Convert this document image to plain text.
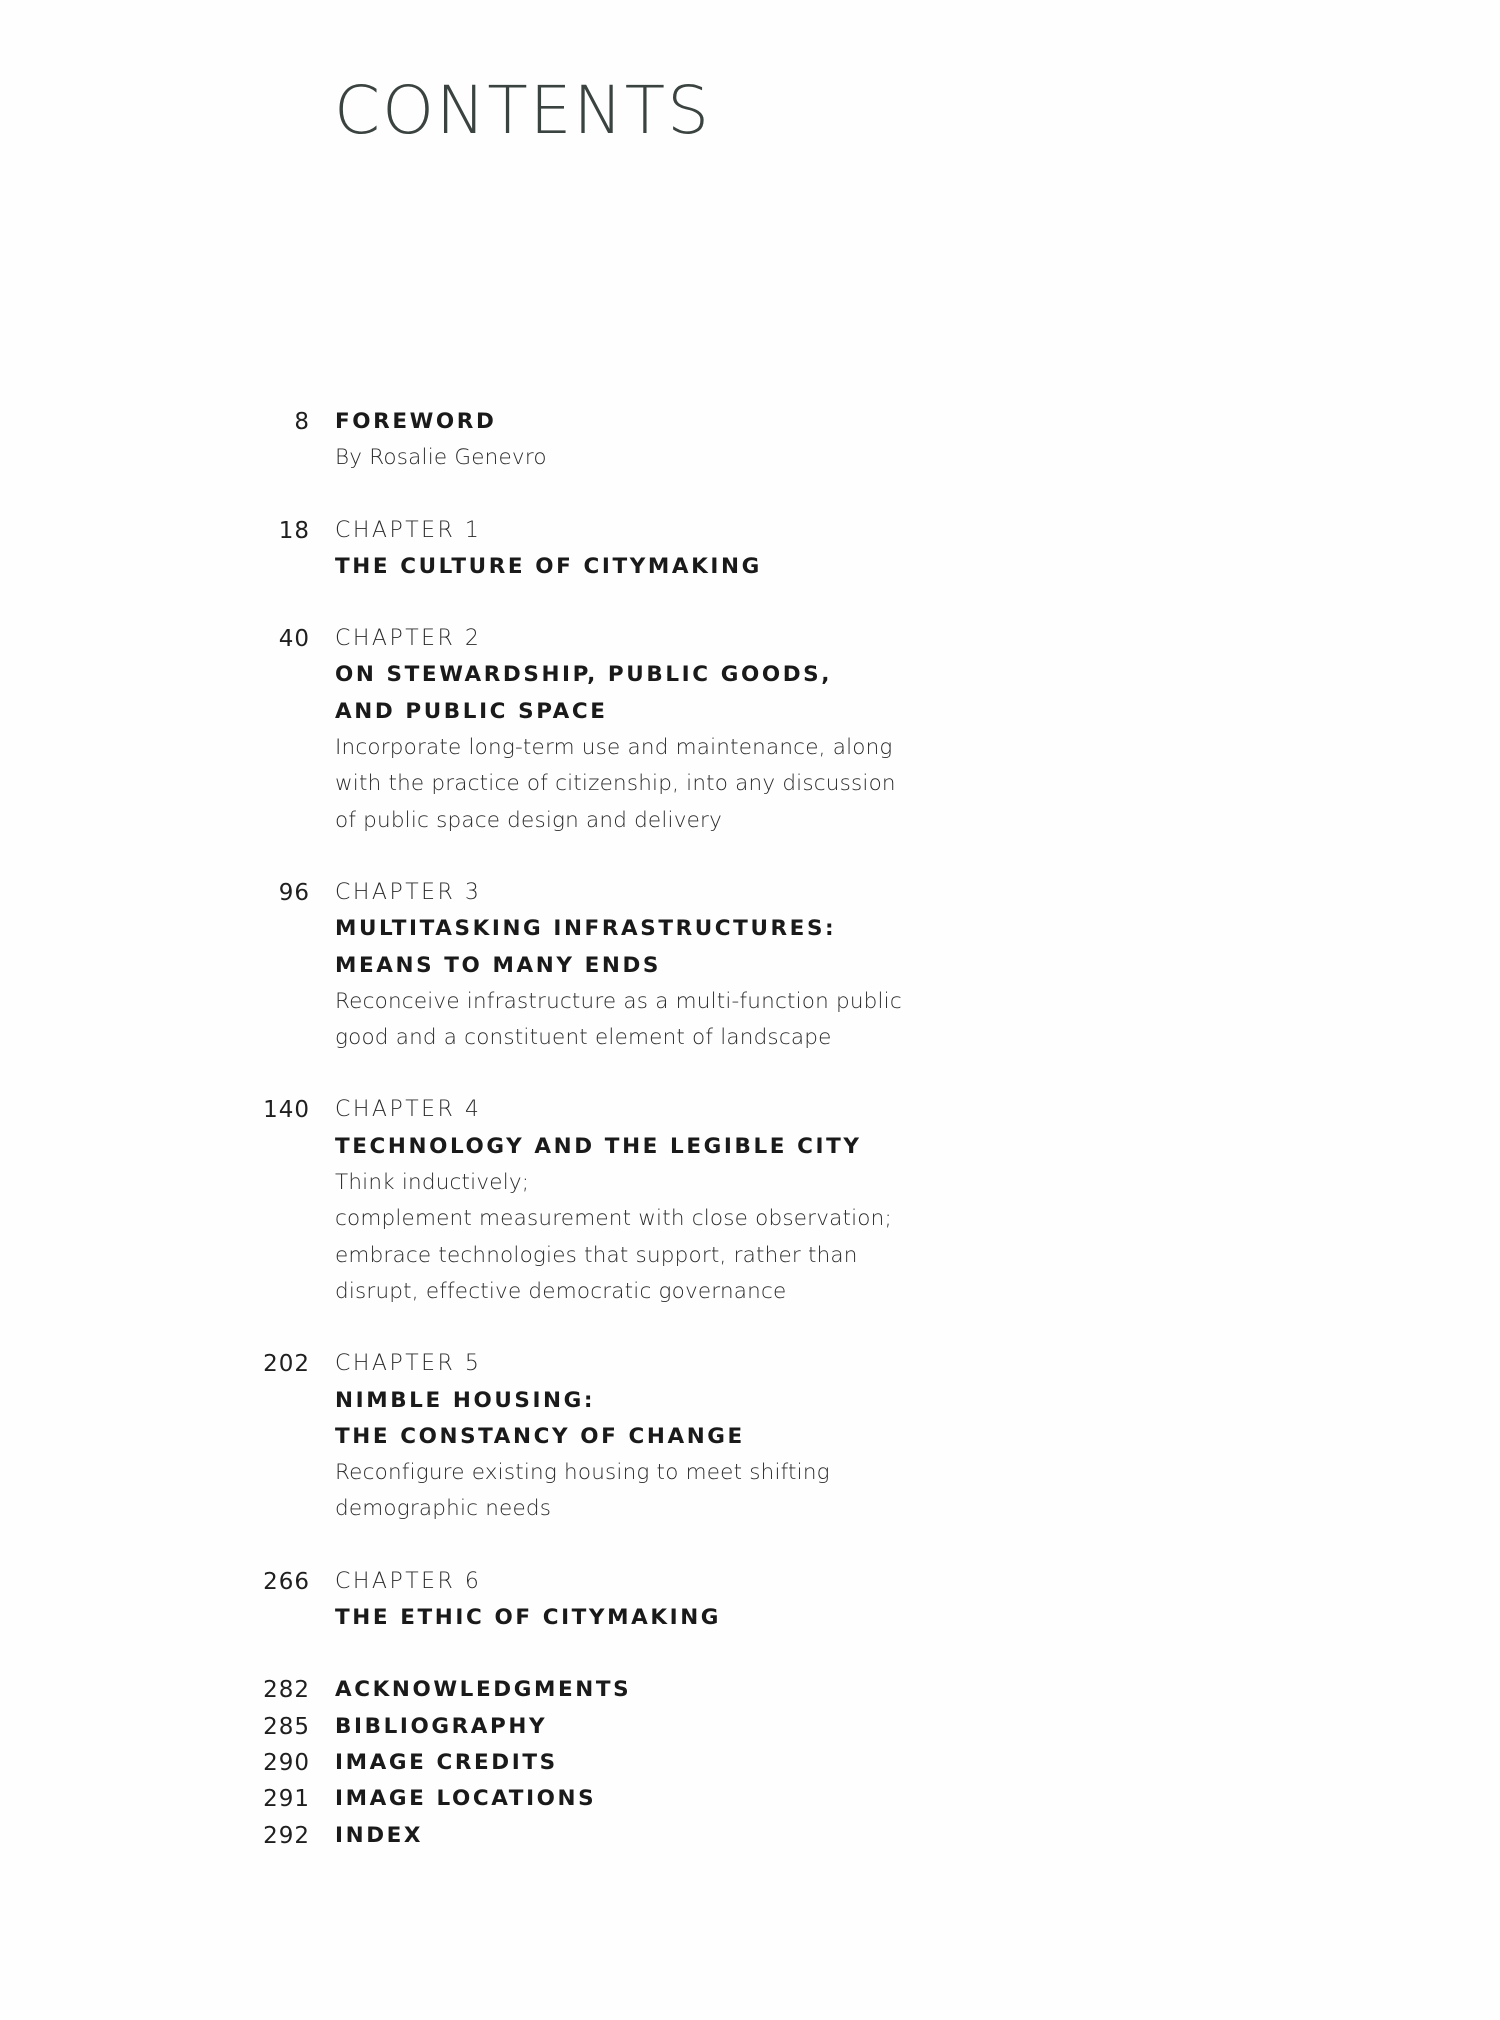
CONTENTS
8 FOREWORD
By Rosalie Genevro
18 CHAPTER 1
THE CULTURE OF CITYMAKING
40 CHAPTER 2
ON STEWARDSHIP, PUBLIC GOODS,
AND PUBLIC SPACE
Incorporate long-term use and maintenance, along
with the practice of citizenship, into any discussion
of public space design and delivery
96 CHAPTER 3
MULTITASKING INFRASTRUCTURES:
MEANS TO MANY ENDS
Reconceive infrastructure as a multi-function public
good and a constituent element of landscape
140 CHAPTER 4
TECHNOLOGY AND THE LEGIBLE CITY
Think inductively;
complement measurement with close observation;
embrace technologies that support, rather than
disrupt, effective democratic governance
202 CHAPTER 5
NIMBLE HOUSING:
THE CONSTANCY OF CHANGE
Reconfigure existing housing to meet shifting
demographic needs
266 CHAPTER 6
THE ETHIC OF CITYMAKING
282 ACKNOWLEDGMENTS
285 BIBLIOGRAPHY
290 IMAGE CREDITS
291 IMAGE LOCATIONS
292 INDEX
